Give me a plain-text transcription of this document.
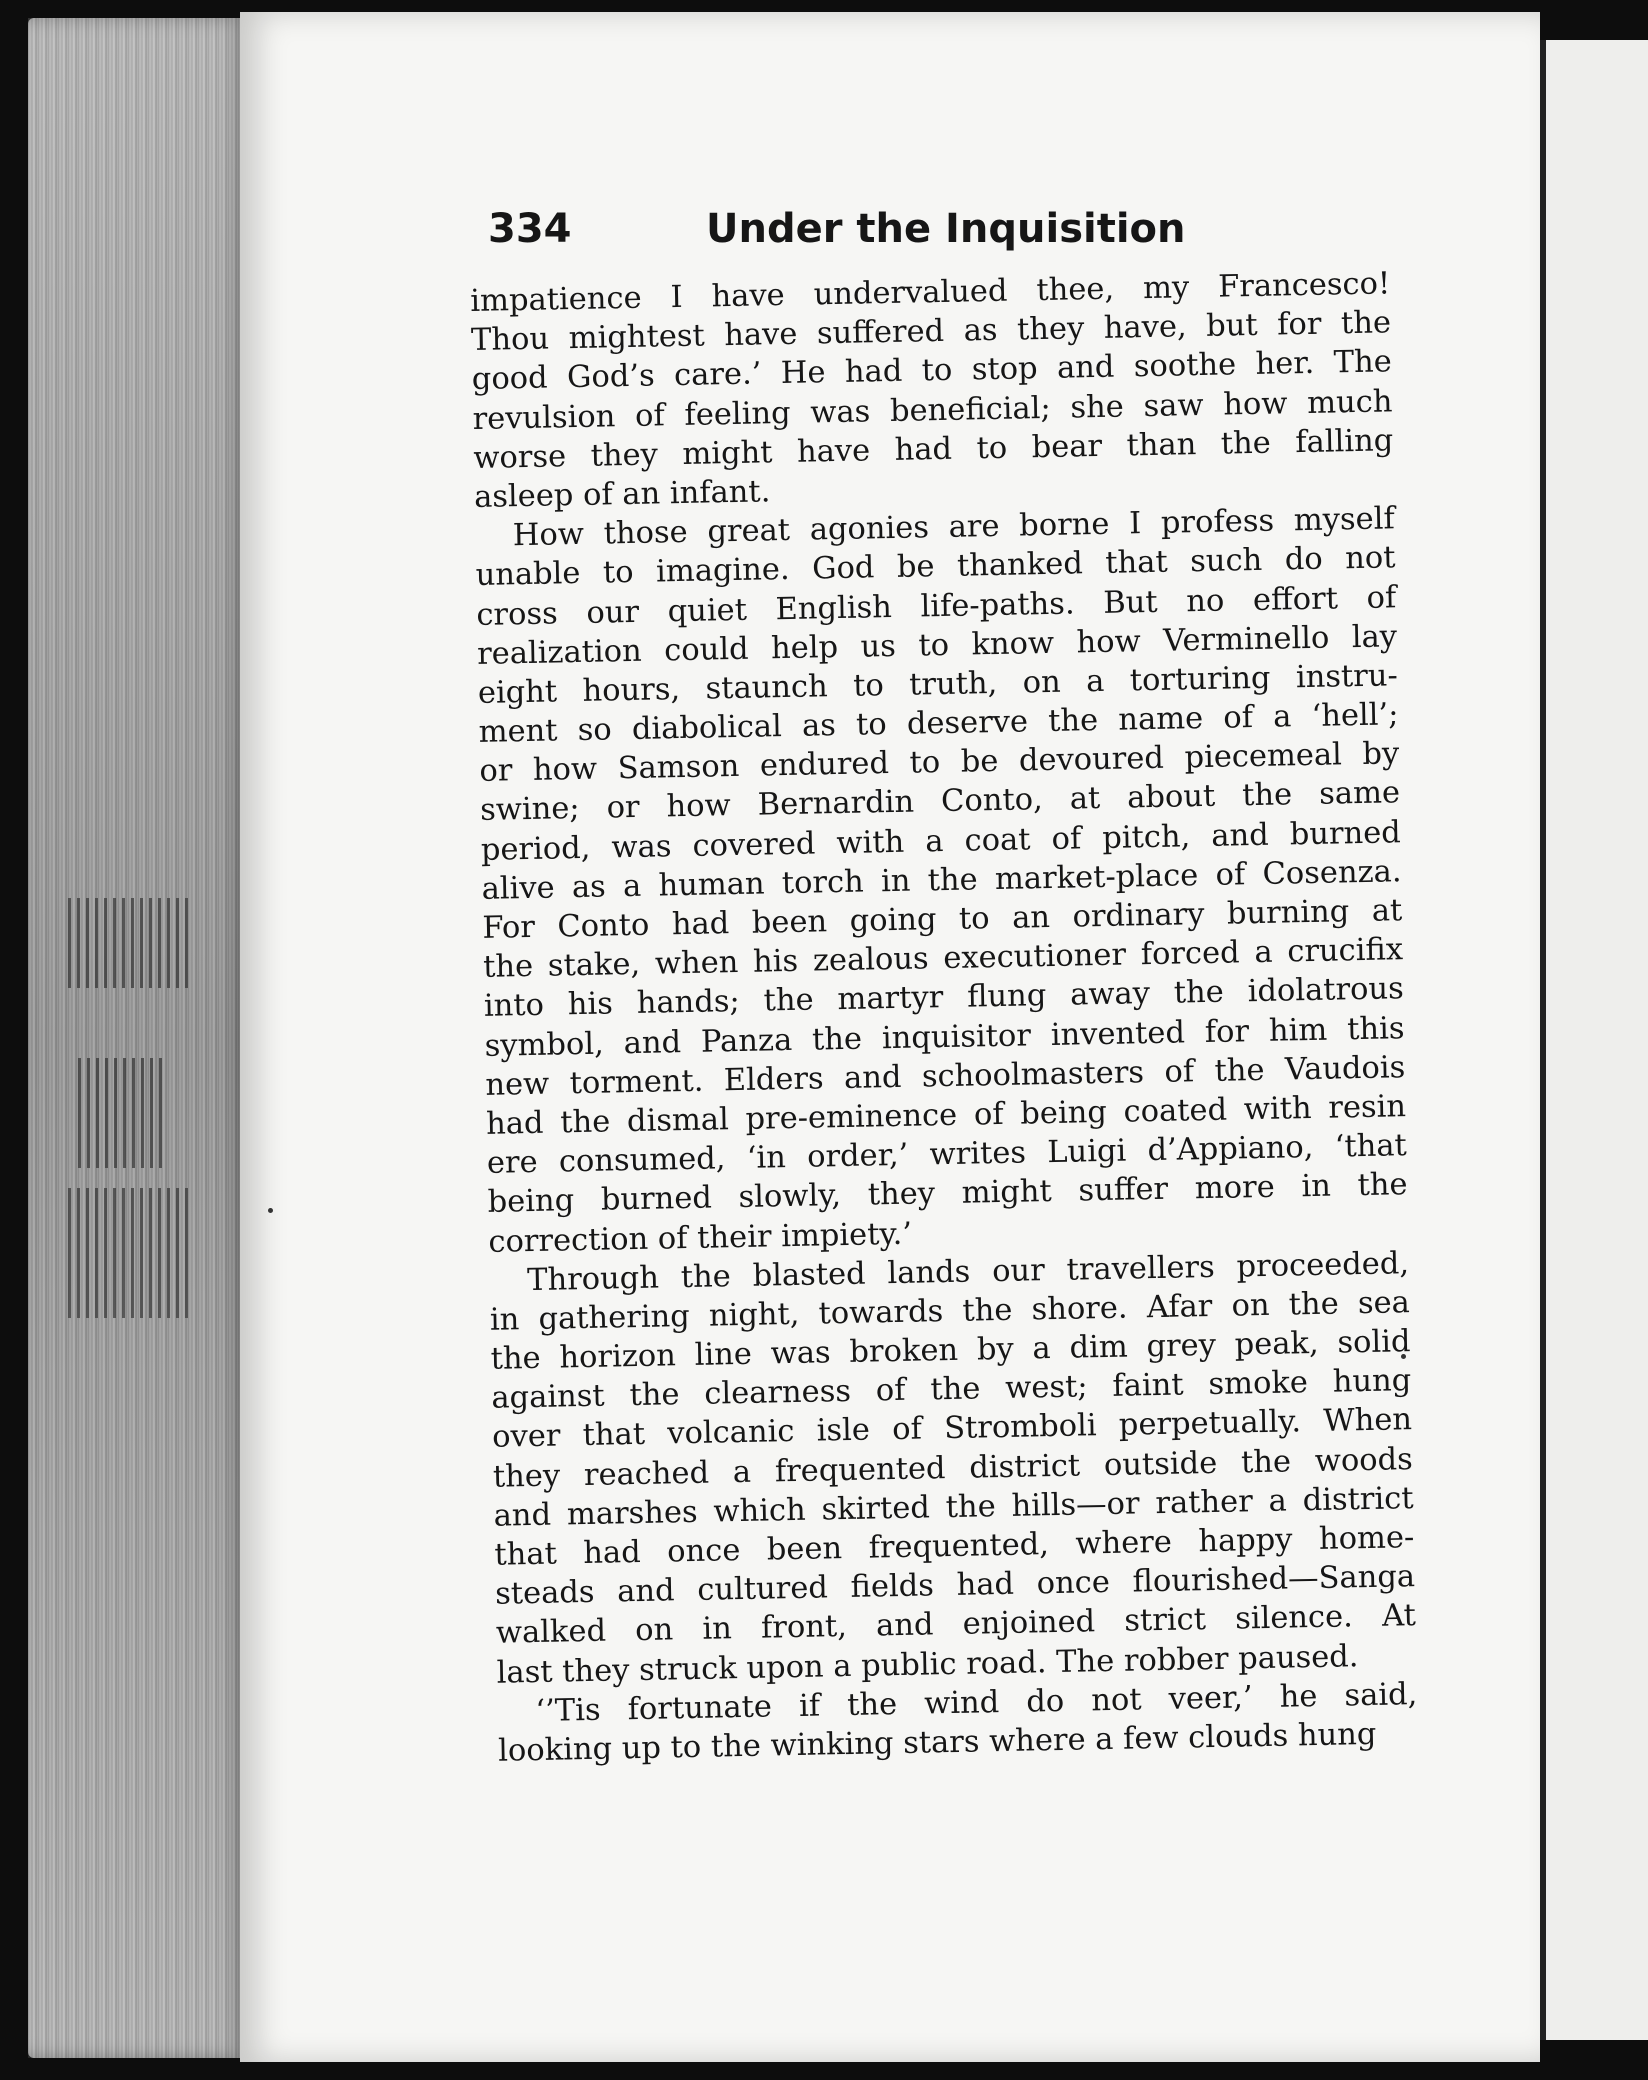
334	Under the Inquisition
impatience I have undervalued thee, my Francesco!
Thou mightest have suffered as they have, but for the
good God’s care.’ He had to stop and soothe her. The
revulsion of feeling was beneficial; she saw how much
worse they might have had to bear than the falling
asleep of an infant.
How those great agonies are borne I profess myself
unable to imagine. God be thanked that such do not
cross our quiet English life-paths. But no effort of
realization could help us to know how Verminello lay
eight hours, staunch to truth, on a torturing instru-
ment so diabolical as to deserve the name of a ‘hell’;
or how Samson endured to be devoured piecemeal by
swine; or how Bernardin Conto, at about the same
period, was covered with a coat of pitch, and burned
alive as a human torch in the market-place of Cosenza.
For Conto had been going to an ordinary burning at
the stake, when his zealous executioner forced a crucifix
into his hands; the martyr flung away the idolatrous
symbol, and Panza the inquisitor invented for him this
new torment. Elders and schoolmasters of the Vaudois
had the dismal pre-eminence of being coated with resin
ere consumed, ‘in order,’ writes Luigi d’Appiano, ‘that
being burned slowly, they might suffer more in the
correction of their impiety.’
Through the blasted lands our travellers proceeded,
in gathering night, towards the shore. Afar on the sea
the horizon line was broken by a dim grey peak, solid
against the clearness of the west; faint smoke hung
over that volcanic isle of Stromboli perpetually. When
they reached a frequented district outside the woods
and marshes which skirted the hills—or rather a district
that had once been frequented, where happy home-
steads and cultured fields had once flourished—Sanga
walked on in front, and enjoined strict silence. At
last they struck upon a public road. The robber paused.
‘’Tis fortunate if the wind do not veer,’ he said,
looking up to the winking stars where a few clouds hung
